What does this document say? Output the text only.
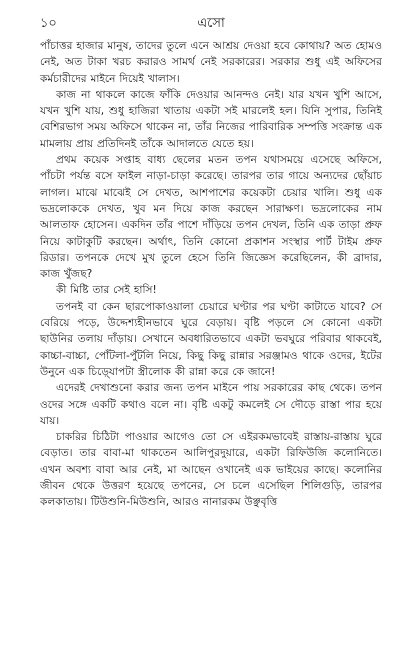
১০	এসো

পাঁচাত্তর হাজার মানুষ, তাদের তুলে এনে আশ্রয় দেওয়া হবে কোথায়? অত হোমও নেই, অত টাকা খরচ করারও সামর্থ নেই সরকারের। সরকার শুধু এই অফিসের কর্মচারীদের মাইনে দিয়েই খালাস।

কাজ না থাকলে কাজে ফাঁকি দেওয়ার আনন্দও নেই। যার যখন খুশি আসে, যখন খুশি যায়, শুধু হাজিরা খাতায় একটা সই মারলেই হল। যিনি সুপার, তিনিই বেশিরভাগ সময় অফিসে থাকেন না, তাঁর নিজের পারিবারিক সম্পত্তি সংক্রান্ত এক মামলায় প্রায় প্রতিদিনই তাঁকে আদালতে যেতে হয়।

প্রথম কয়েক সপ্তাহ বাধ্য ছেলের মতন তপন যথাসময়ে এসেছে অফিসে, পাঁচটা পর্যন্ত বসে ফাইল নাড়া-চাড়া করেছে। তারপর তার গায়ে অন্যদের ছোঁয়াচ লাগল। মাঝে মাঝেই সে দেখত, আশপাশের কয়েকটা চেয়ার খালি। শুধু এক ভদ্রলোককে দেখত, খুব মন দিয়ে কাজ করছেন সারাক্ষণ। ভদ্রলোকের নাম আলতাফ হোসেন। একদিন তাঁর পাশে দাঁড়িয়ে তপন দেখল, তিনি এক তাড়া প্রুফ নিয়ে কাটাকুটি করছেন। অর্থাৎ, তিনি কোনো প্রকাশন সংস্থার পার্ট টাইম প্রুফ রিডার। তপনকে দেখে মুখ তুলে হেসে তিনি জিজ্ঞেস করেছিলেন, কী ব্রাদার, কাজ খুঁজছ?

কী মিষ্টি তার সেই হাসি!

তপনই বা কেন ছারপোকাওয়ালা চেয়ারে ঘণ্টার পর ঘণ্টা কাটাতে যাবে? সে বেরিয়ে পড়ে, উদ্দেশ্যহীনভাবে ঘুরে বেড়ায়। বৃষ্টি পড়লে সে কোনো একটা ছাউনির তলায় দাঁড়ায়। সেখানে অবধারিতভাবে একটা ভবঘুরে পরিবার থাকবেই, কাচ্চা-বাচ্চা, পোঁটলা-পুঁটলি নিয়ে, কিছু কিছু রান্নার সরঞ্জামও থাকে ওদের, ইটের উনুনে এক চিড়ে্যাপটা স্ত্রীলোক কী রান্না করে কে জানে!

এদেরই দেখাশুনো করার জন্য তপন মাইনে পায় সরকারের কাছ থেকে। তপন ওদের সঙ্গে একটি কথাও বলে না। বৃষ্টি একটু কমলেই সে দৌড়ে রাস্তা পার হয়ে যায়।

চাকরির চিঠিটা পাওয়ার আগেও তো সে এইরকমভাবেই রাস্তায়-রাস্তায় ঘুরে বেড়াত। তার বাবা-মা থাকতেন আলিপুরদুয়ারে, একটা রিফিউজি কলোনিতে। এখন অবশ্য বাবা আর নেই, মা আছেন ওখানেই এক ভাইয়ের কাছে। কলোনির জীবন থেকে উত্তরণ হয়েছে তপনের, সে চলে এসেছিল শিলিগুড়ি, তারপর কলকাতায়। টিউশুনি-মিউশুনি, আরও নানারকম উঞ্ছবৃত্তি
